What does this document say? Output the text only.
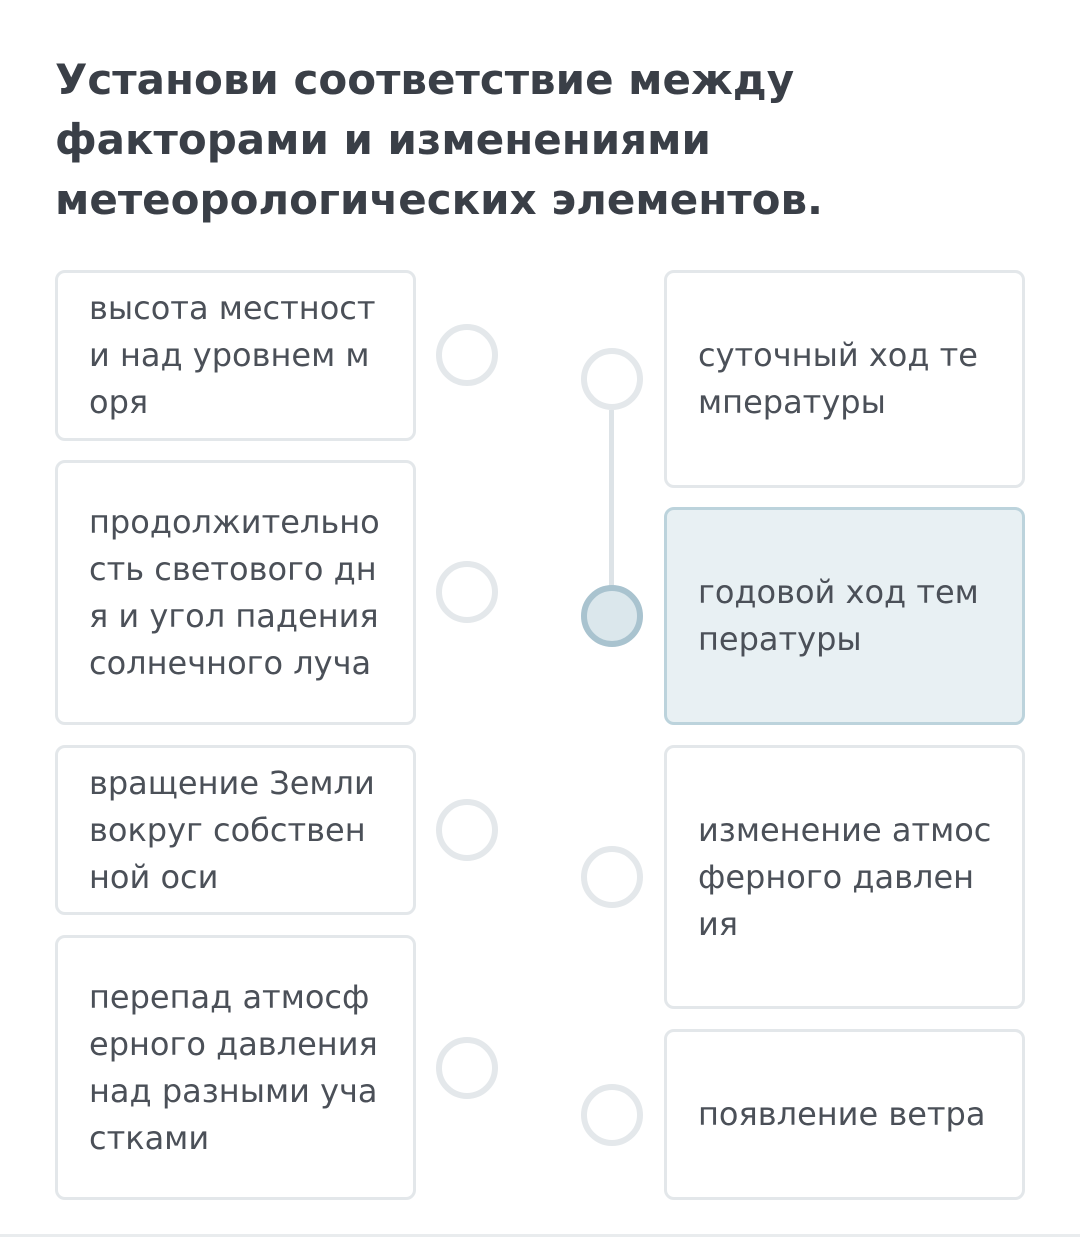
Установи соответствие между факторами и изменениями метеорологических элементов.
высота местности над уровнем моря
продолжительность светового дня и угол падения солнечного луча
вращение Земли вокруг собственной оси
перепад атмосферного давления над разными участками
суточный ход температуры
годовой ход температуры
изменение атмосферного давления
появление ветра
